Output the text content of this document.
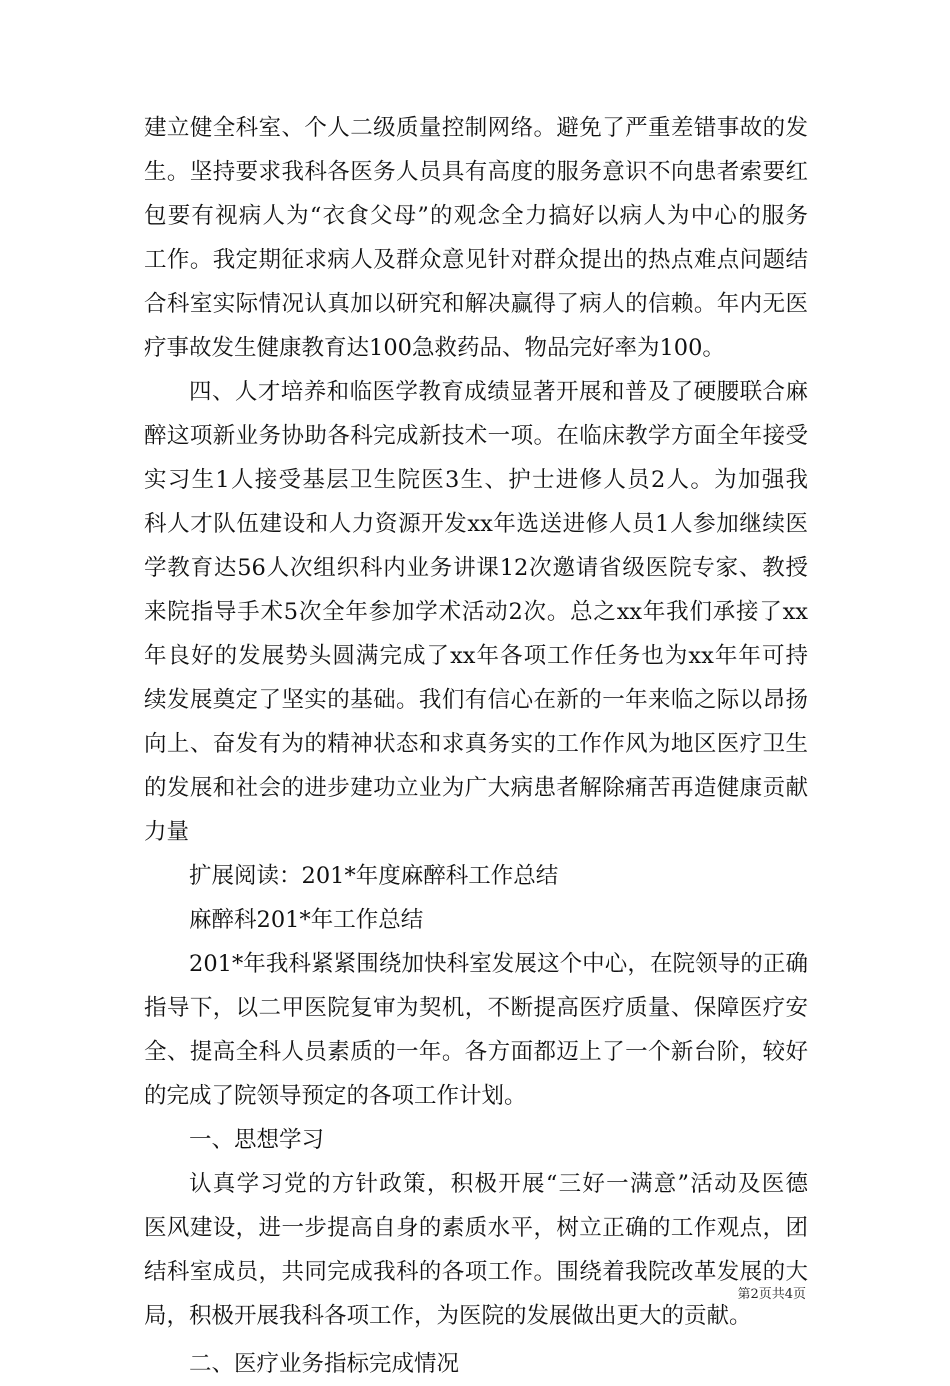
建立健全科室、个人二级质量控制网络。避免了严重差错事故的发
生。坚持要求我科各医务人员具有高度的服务意识不向患者索要红
包要有视病人为“衣食父母”的观念全力搞好以病人为中心的服务
工作。我定期征求病人及群众意见针对群众提出的热点难点问题结
合科室实际情况认真加以研究和解决赢得了病人的信赖。年内无医
疗事故发生健康教育达100急救药品、物品完好率为100。
四、人才培养和临医学教育成绩显著开展和普及了硬腰联合麻
醉这项新业务协助各科完成新技术一项。在临床教学方面全年接受
实习生1人接受基层卫生院医3生、护士进修人员2人。为加强我
科人才队伍建设和人力资源开发xx年选送进修人员1人参加继续医
学教育达56人次组织科内业务讲课12次邀请省级医院专家、教授
来院指导手术5次全年参加学术活动2次。总之xx年我们承接了xx
年良好的发展势头圆满完成了xx年各项工作任务也为xx年年可持
续发展奠定了坚实的基础。我们有信心在新的一年来临之际以昂扬
向上、奋发有为的精神状态和求真务实的工作作风为地区医疗卫生
的发展和社会的进步建功立业为广大病患者解除痛苦再造健康贡献
力量
扩展阅读：201*年度麻醉科工作总结
麻醉科201*年工作总结
201*年我科紧紧围绕加快科室发展这个中心，在院领导的正确
指导下，以二甲医院复审为契机，不断提高医疗质量、保障医疗安
全、提高全科人员素质的一年。各方面都迈上了一个新台阶，较好
的完成了院领导预定的各项工作计划。
一、思想学习
认真学习党的方针政策，积极开展“三好一满意”活动及医德
医风建设，进一步提高自身的素质水平，树立正确的工作观点，团
结科室成员，共同完成我科的各项工作。围绕着我院改革发展的大
局，积极开展我科各项工作，为医院的发展做出更大的贡献。
二、医疗业务指标完成情况
第2页共4页
